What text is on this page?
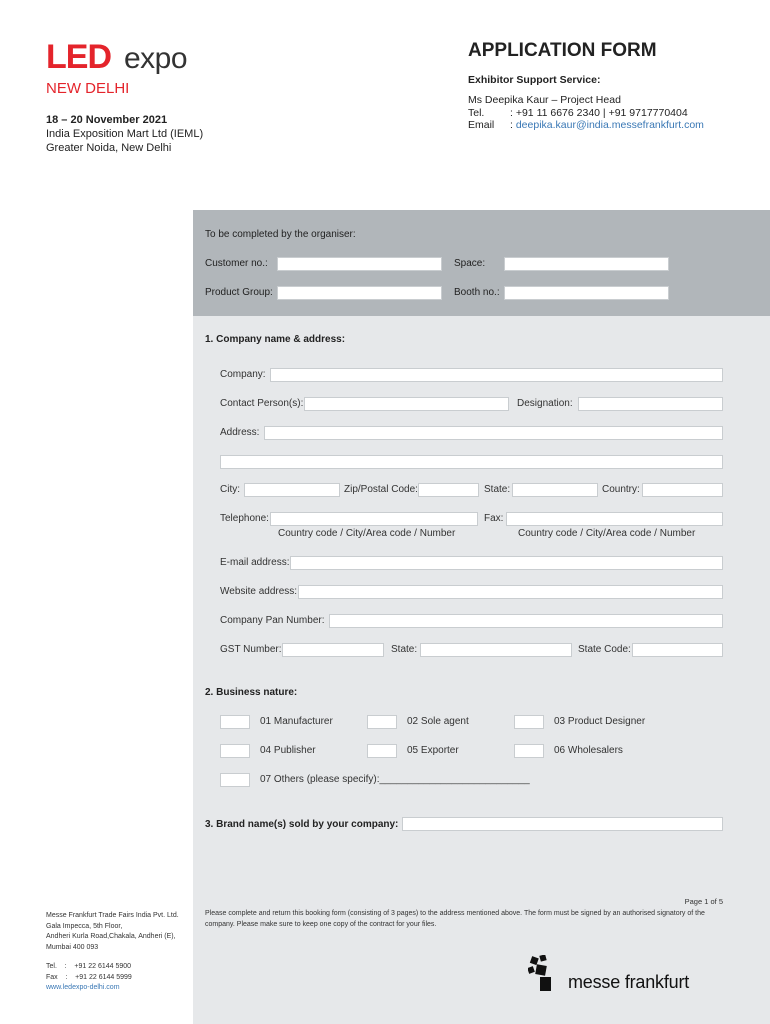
LED expo
NEW DELHI
18 – 20 November 2021
India Exposition Mart Ltd (IEML)
Greater Noida, New Delhi
APPLICATION FORM
Exhibitor Support Service:
Ms Deepika Kaur – Project Head
Tel.	: +91 11 6676 2340 | +91 9717770404
Email	: deepika.kaur@india.messefrankfurt.com
To be completed by the organiser:
Customer no.:	Space:
Product Group:	Booth no.:
1. Company name & address:
Company:
Contact Person(s):	Designation:
Address:
City:	Zip/Postal Code:	State:	Country:
Telephone:	Fax:
Country code / City/Area code / Number	Country code / City/Area code / Number
E-mail address:
Website address:
Company Pan Number:
GST Number:	State:	State Code:
2. Business nature:
01 Manufacturer	02 Sole agent	03 Product Designer
04 Publisher	05 Exporter	06 Wholesalers
07 Others (please specify):___________________________
3. Brand name(s) sold by your company:
Page 1 of 5
Please complete and return this booking form (consisting of 3 pages) to the address mentioned above. The form must be signed by an authorised signatory of the company. Please make sure to keep one copy of the contract for your files.
Messe Frankfurt Trade Fairs India Pvt. Ltd.
Gala Impecca, 5th Floor,
Andheri Kurla Road,Chakala, Andheri (E),
Mumbai 400 093
Tel.    :    +91 22 6144 5900
Fax    :    +91 22 6144 5999
www.ledexpo-delhi.com	messe frankfurt
